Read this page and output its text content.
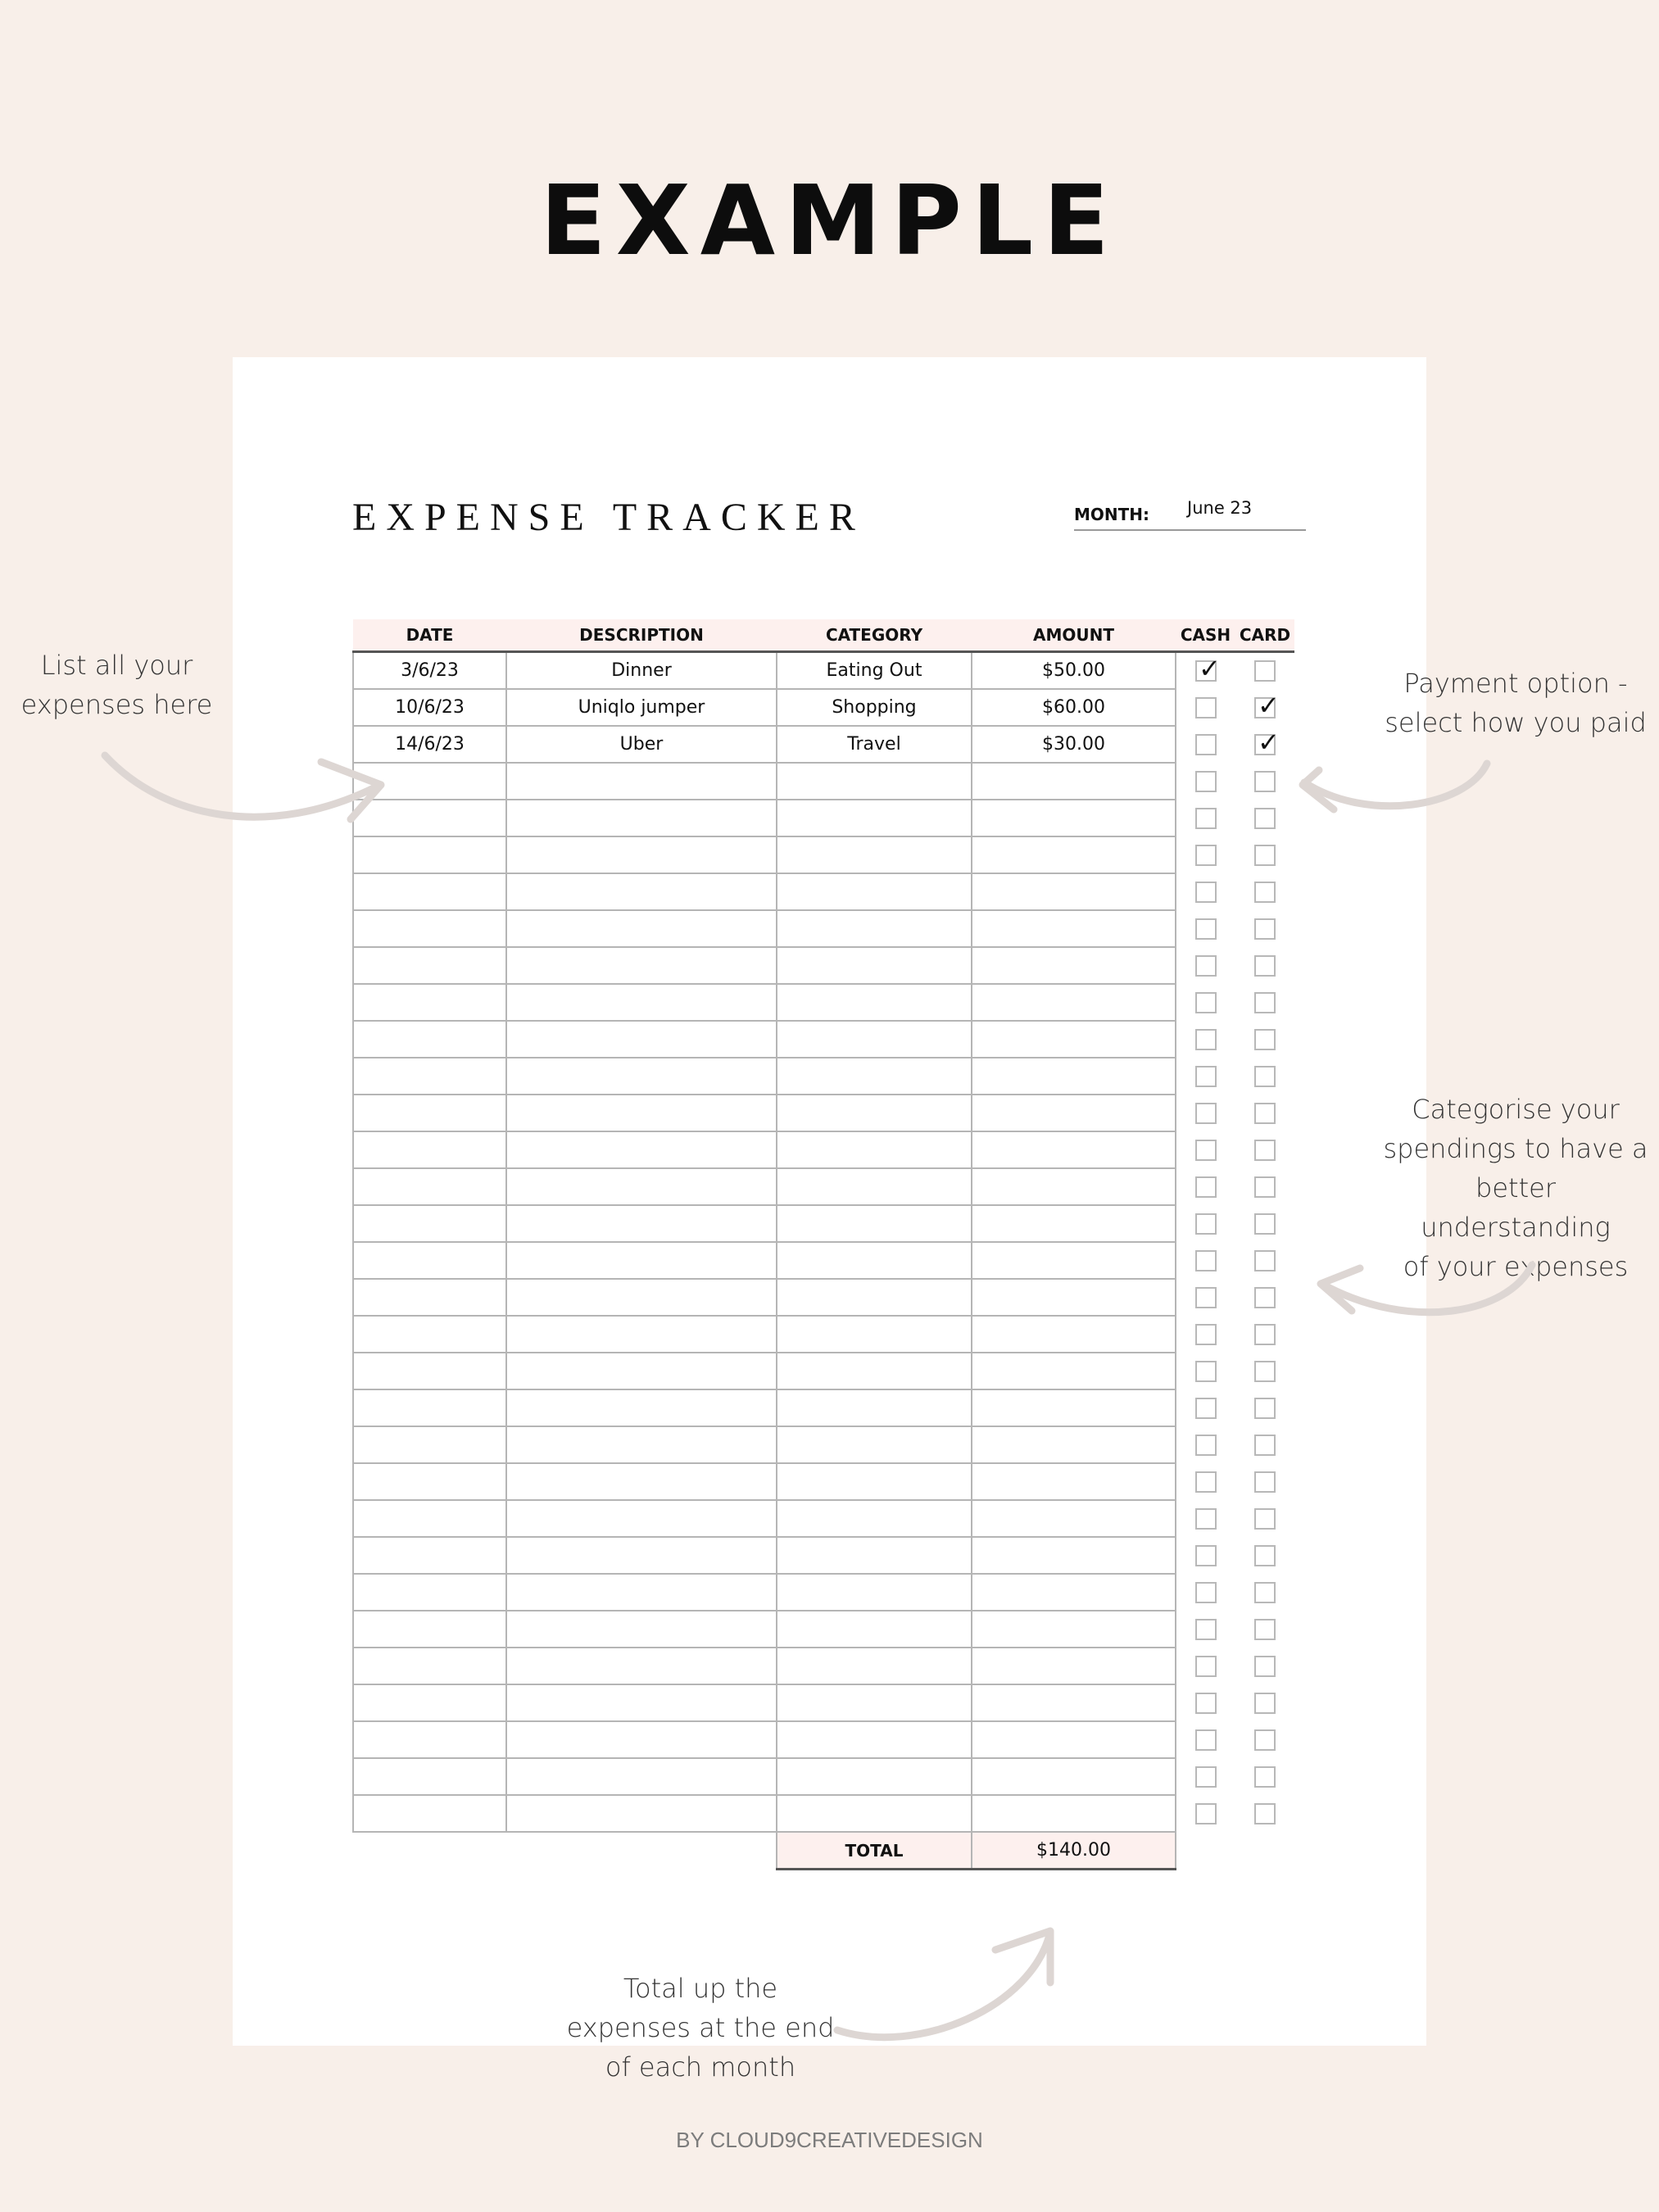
EXAMPLE
EXPENSE TRACKER	MONTH: June 23
DATE	DESCRIPTION	CATEGORY	AMOUNT	CASH	CARD
3/6/23	Dinner	Eating Out	$50.00	✓	

10/6/23	Uniqlo jumper	Shopping	$60.00		✓

14/6/23	Uber	Travel	$30.00		✓

		TOTAL	$140.00		
List all your
expenses here
Payment option -
select how you paid
Categorise your
spendings to have a
better understanding
of your expenses
Total up the
expenses at the end
of each month
BY CLOUD9CREATIVEDESIGN
